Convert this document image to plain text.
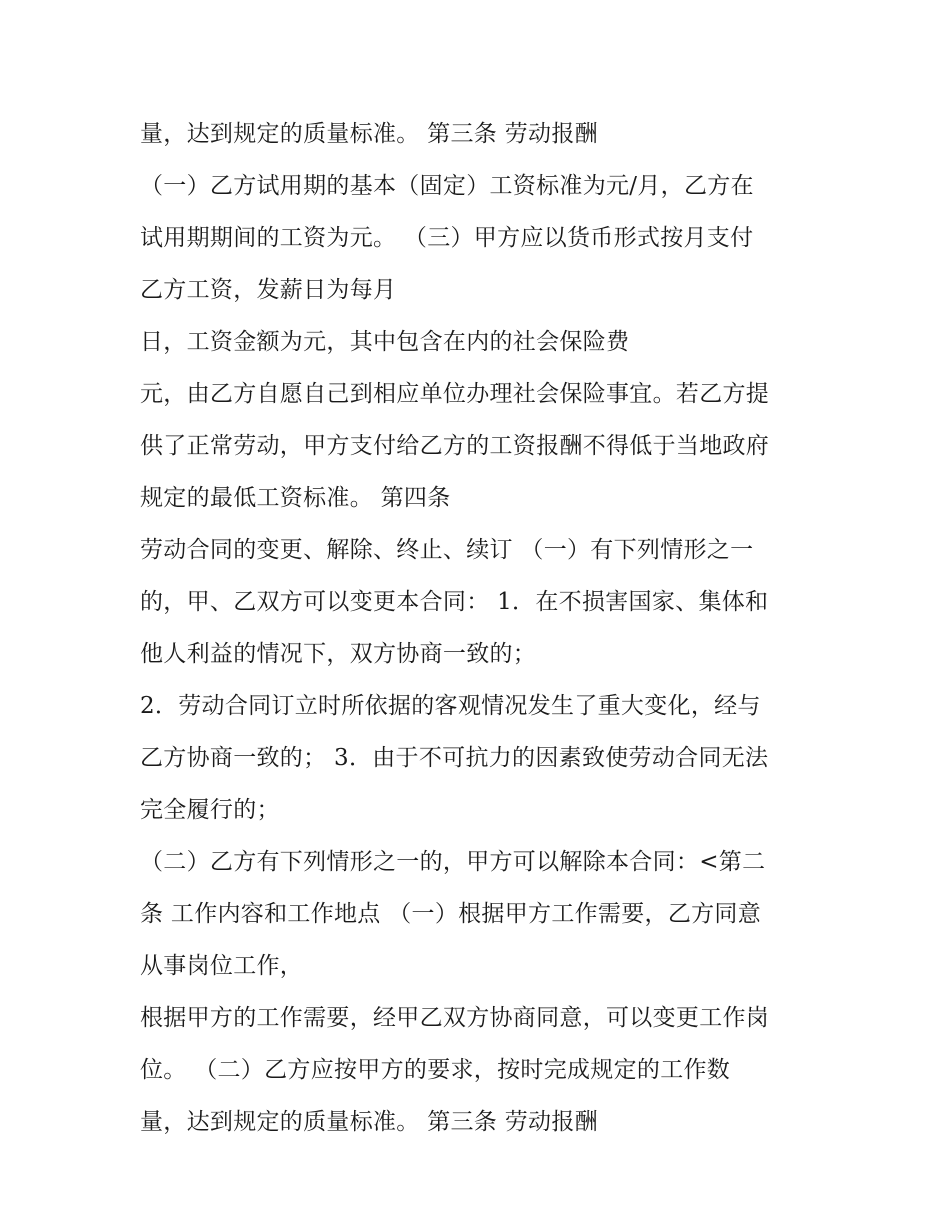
量，达到规定的质量标准。 第三条 劳动报酬
（一）乙方试用期的基本（固定）工资标准为元/月，乙方在
试用期期间的工资为元。 （三）甲方应以货币形式按月支付
乙方工资，发薪日为每月
日，工资金额为元，其中包含在内的社会保险费
元，由乙方自愿自己到相应单位办理社会保险事宜。若乙方提
供了正常劳动，甲方支付给乙方的工资报酬不得低于当地政府
规定的最低工资标准。 第四条
劳动合同的变更、解除、终止、续订 （一）有下列情形之一
的，甲、乙双方可以变更本合同： 1．在不损害国家、集体和
他人利益的情况下，双方协商一致的；
2．劳动合同订立时所依据的客观情况发生了重大变化，经与
乙方协商一致的； 3．由于不可抗力的因素致使劳动合同无法
完全履行的；
（二）乙方有下列情形之一的，甲方可以解除本合同：<第二
条 工作内容和工作地点 （一）根据甲方工作需要，乙方同意
从事岗位工作，
根据甲方的工作需要，经甲乙双方协商同意，可以变更工作岗
位。 （二）乙方应按甲方的要求，按时完成规定的工作数
量，达到规定的质量标准。 第三条 劳动报酬
